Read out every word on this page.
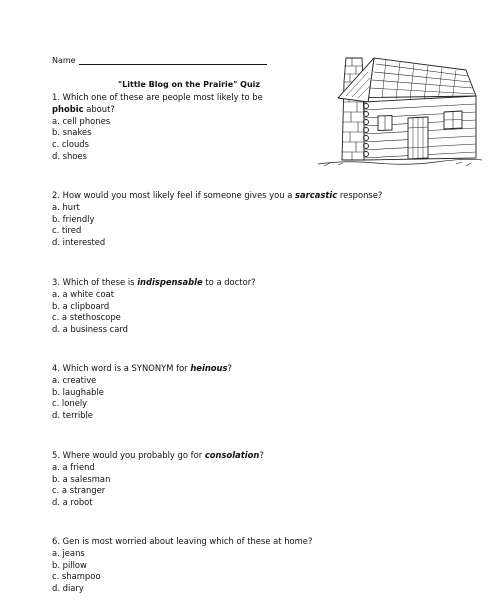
Name
"Little Blog on the Prairie" Quiz
1. Which one of these are people most likely to be
phobic about?
a. cell phones
b. snakes
c. clouds
d. shoes
2. How would you most likely feel if someone gives you a sarcastic response?
a. hurt
b. friendly
c. tired
d. interested
3. Which of these is indispensable to a doctor?
a. a white coat
b. a clipboard
c. a stethoscope
d. a business card
4. Which word is a SYNONYM for heinous?
a. creative
b. laughable
c. lonely
d. terrible
5. Where would you probably go for consolation?
a. a friend
b. a salesman
c. a stranger
d. a robot
6. Gen is most worried about leaving which of these at home?
a. jeans
b. pillow
c. shampoo
d. diary
